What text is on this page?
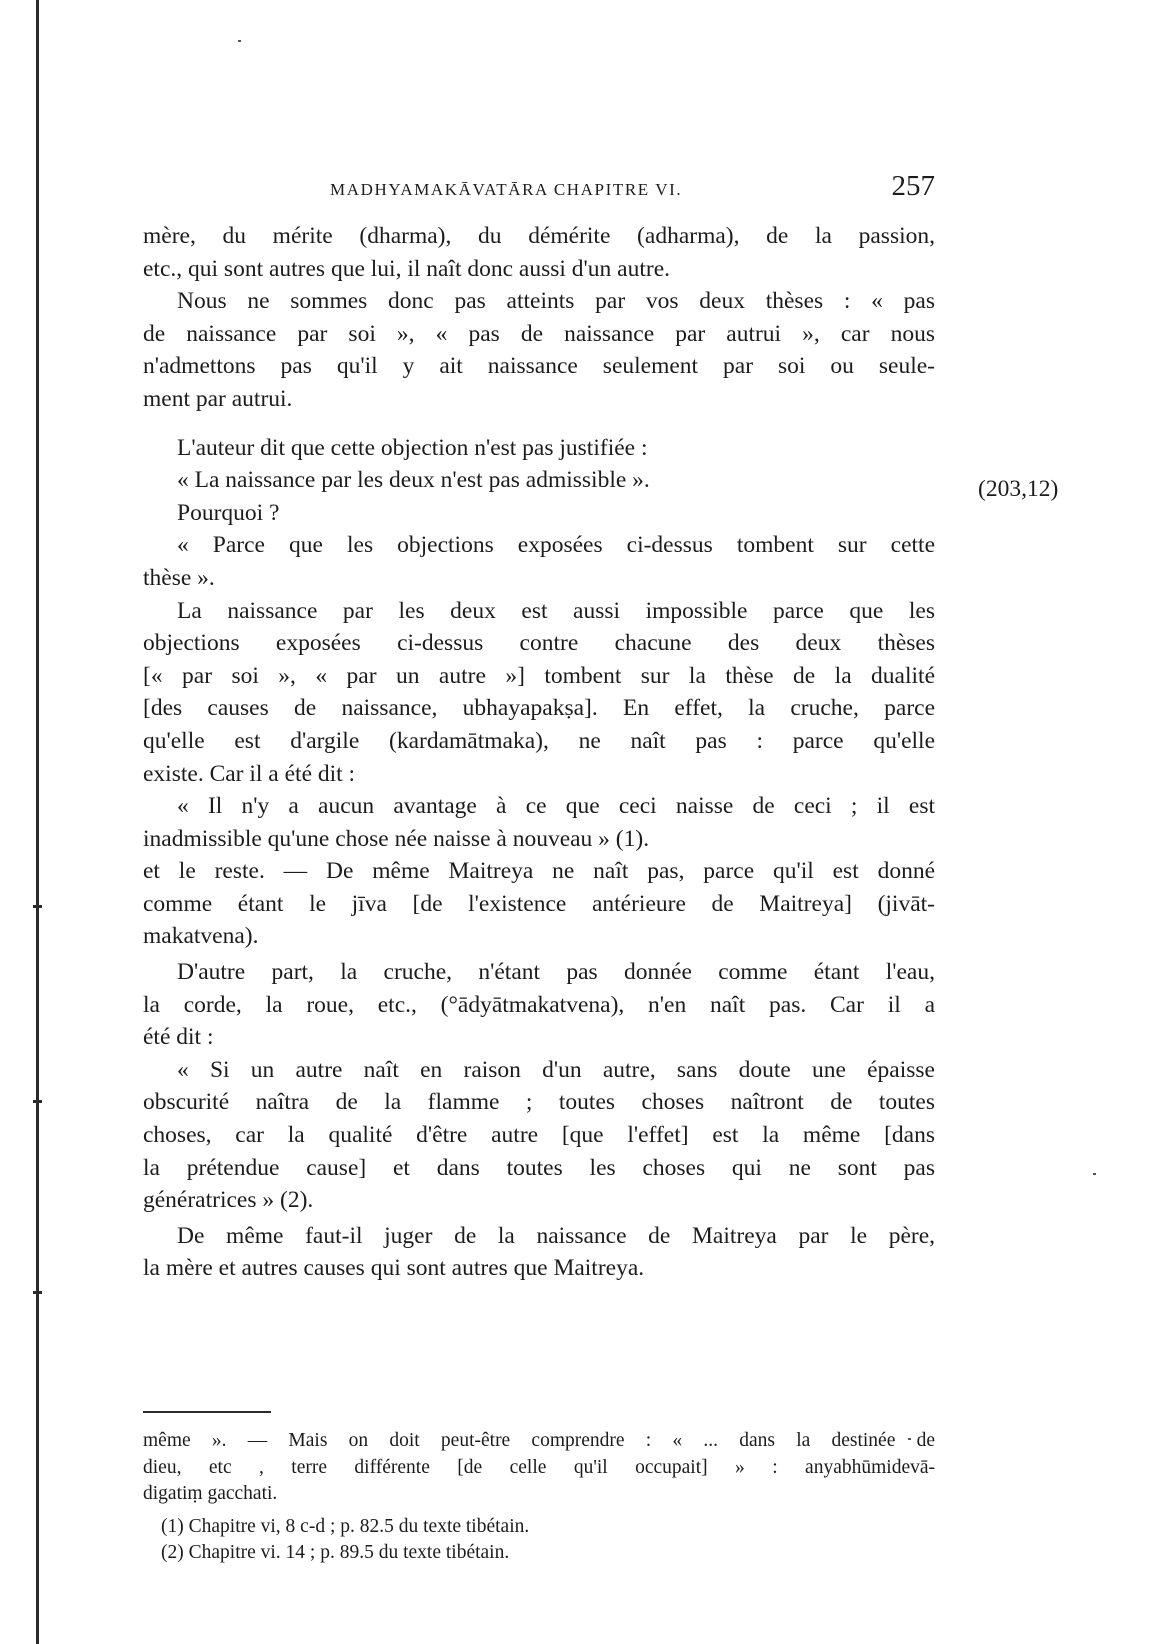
MADHYAMAKĀVATĀRA CHAPITRE VI.	257
(203,12)
mère, du mérite (dharma), du démérite (adharma), de la passion,
etc., qui sont autres que lui, il naît donc aussi d'un autre.
Nous ne sommes donc pas atteints par vos deux thèses : « pas
de naissance par soi », « pas de naissance par autrui », car nous
n'admettons pas qu'il y ait naissance seulement par soi ou seule-
ment par autrui.
L'auteur dit que cette objection n'est pas justifiée :
« La naissance par les deux n'est pas admissible ».
Pourquoi ?
« Parce que les objections exposées ci-dessus tombent sur cette
thèse ».
La naissance par les deux est aussi impossible parce que les
objections exposées ci-dessus contre chacune des deux thèses
[« par soi », « par un autre »] tombent sur la thèse de la dualité
[des causes de naissance, ubhayapakṣa]. En effet, la cruche, parce
qu'elle est d'argile (kardamātmaka), ne naît pas : parce qu'elle
existe. Car il a été dit :
« Il n'y a aucun avantage à ce que ceci naisse de ceci ; il est
inadmissible qu'une chose née naisse à nouveau » (1).
et le reste. — De même Maitreya ne naît pas, parce qu'il est donné
comme étant le jīva [de l'existence antérieure de Maitreya] (jivāt-
makatvena).
D'autre part, la cruche, n'étant pas donnée comme étant l'eau,
la corde, la roue, etc., (°ādyātmakatvena), n'en naît pas. Car il a
été dit :
« Si un autre naît en raison d'un autre, sans doute une épaisse
obscurité naîtra de la flamme ; toutes choses naîtront de toutes
choses, car la qualité d'être autre [que l'effet] est la même [dans
la prétendue cause] et dans toutes les choses qui ne sont pas
génératrices » (2).
De même faut-il juger de la naissance de Maitreya par le père,
la mère et autres causes qui sont autres que Maitreya.
même ». — Mais on doit peut-être comprendre : « ... dans la destinée de
dieu, etc , terre différente [de celle qu'il occupait] » : anyabhūmidevā-
digatiṃ gacchati.
(1) Chapitre vi, 8 c-d ; p. 82.5 du texte tibétain.
(2) Chapitre vi. 14 ; p. 89.5 du texte tibétain.
